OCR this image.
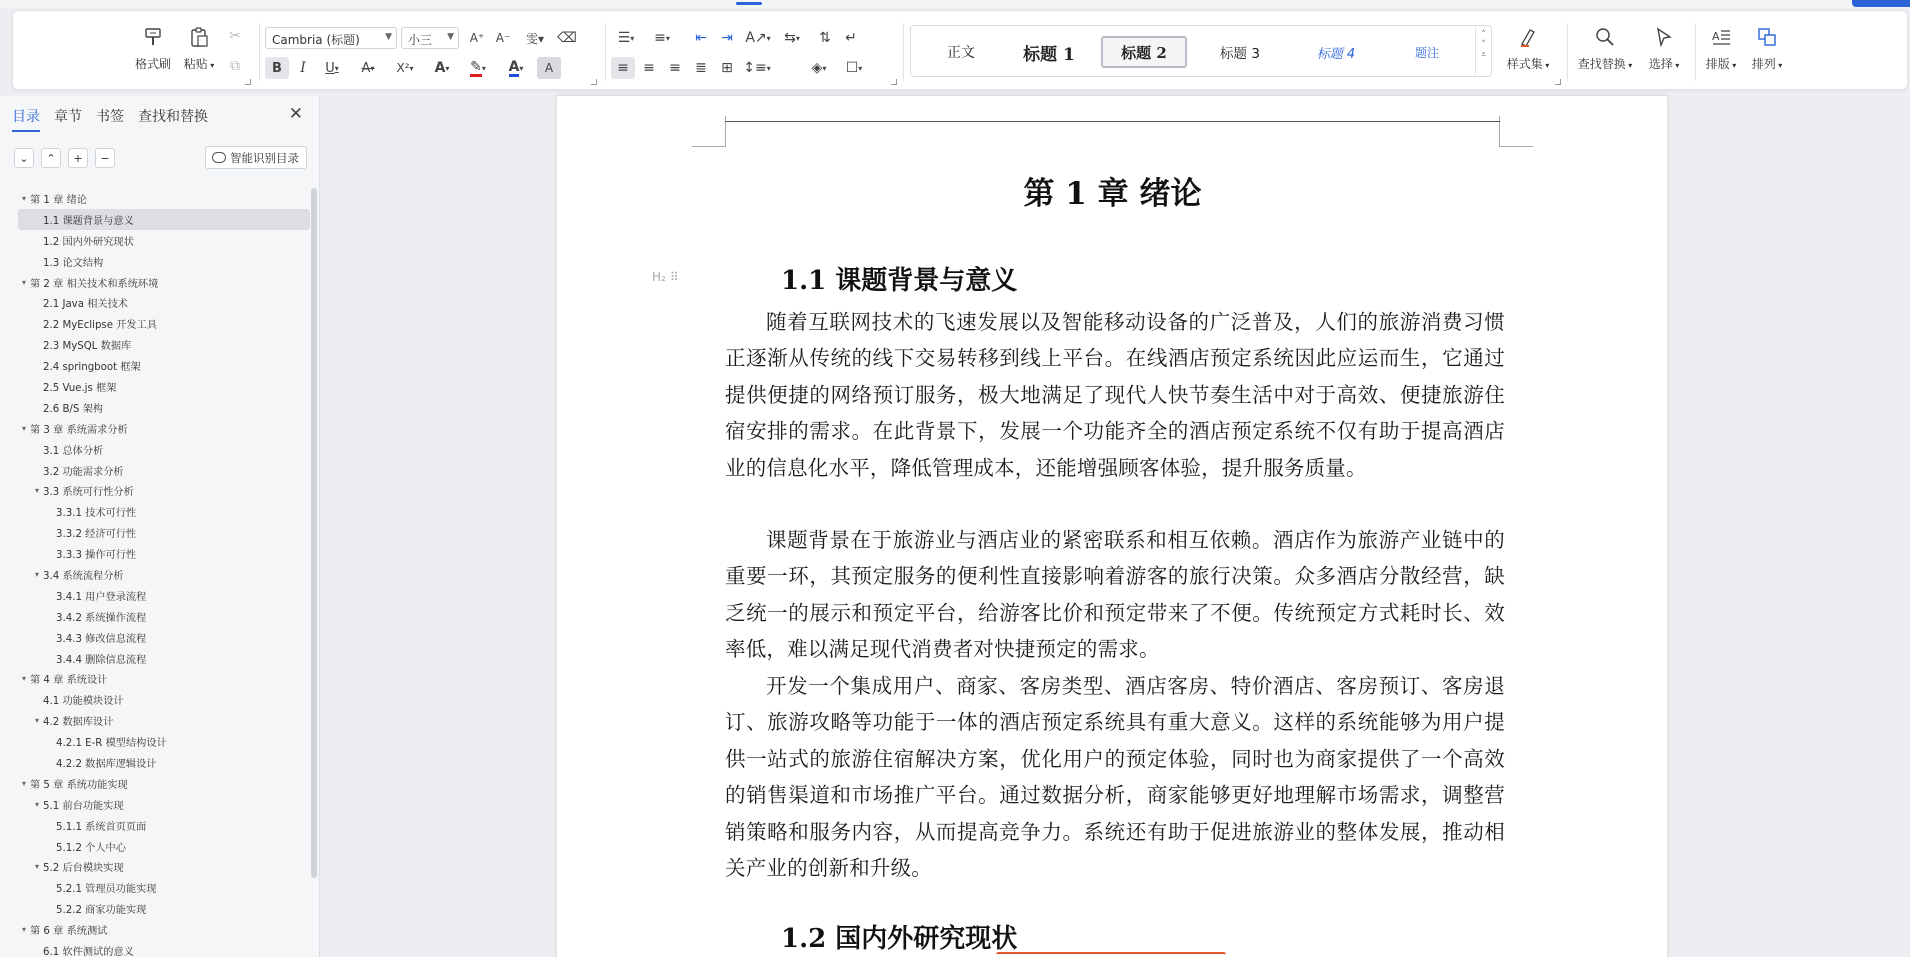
格式刷	粘贴 ▾
✂
⧉
Cambria (标题)	▼	小三 ▼ A⁺ A⁻	雯▾ ⌫
B I U ▾ A ▾ X² ▾ A ▾ ✎ ▾ A ▾	A
☰ ▾	≡ ▾	⇤	⇥ A↗ ▾ ⇆ ▾	⇅	↵
≡	≡	≡	≣	⊞ ↕≡ ▾	◈ ▾	☐ ▾
正文	标题 1	标题 2	标题 3	标题 4	题注
˄
˅
⩡
样式集 ▾	查找替换 ▾	选择 ▾
A
排版 ▾	排列 ▾
目录 章节 书签 查找和替换	✕
⌄ ⌃ + −	智能识别目录
▾ 第 1 章 绪论
1.1 课题背景与意义
1.2 国内外研究现状
1.3 论文结构
▾ 第 2 章 相关技术和系统环境
2.1 Java 相关技术
2.2 MyEclipse 开发工具
2.3 MySQL 数据库
2.4 springboot 框架
2.5 Vue.js 框架
2.6 B/S 架构
▾ 第 3 章 系统需求分析
3.1 总体分析
3.2 功能需求分析
▾ 3.3 系统可行性分析
3.3.1 技术可行性
3.3.2 经济可行性
3.3.3 操作可行性
▾ 3.4 系统流程分析
3.4.1 用户登录流程
3.4.2 系统操作流程
3.4.3 修改信息流程
3.4.4 删除信息流程
▾ 第 4 章 系统设计
4.1 功能模块设计
▾ 4.2 数据库设计
4.2.1 E-R 模型结构设计
4.2.2 数据库逻辑设计
▾ 第 5 章 系统功能实现
▾ 5.1 前台功能实现
5.1.1 系统首页页面
5.1.2 个人中心
▾ 5.2 后台模块实现
5.2.1 管理员功能实现
5.2.2 商家功能实现
▾ 第 6 章 系统测试
6.1 软件测试的意义
第 1 章 绪论
H₂ ⠿	1.1 课题背景与意义
随着互联网技术的飞速发展以及智能移动设备的广泛普及，人们的旅游消费习惯正逐渐从传统的线下交易转移到线上平台。在线酒店预定系统因此应运而生，它通过提供便捷的网络预订服务，极大地满足了现代人快节奏生活中对于高效、便捷旅游住宿安排的需求。在此背景下，发展一个功能齐全的酒店预定系统不仅有助于提高酒店业的信息化水平，降低管理成本，还能增强顾客体验，提升服务质量。
课题背景在于旅游业与酒店业的紧密联系和相互依赖。酒店作为旅游产业链中的重要一环，其预定服务的便利性直接影响着游客的旅行决策。众多酒店分散经营，缺乏统一的展示和预定平台，给游客比价和预定带来了不便。传统预定方式耗时长、效率低，难以满足现代消费者对快捷预定的需求。
开发一个集成用户、商家、客房类型、酒店客房、特价酒店、客房预订、客房退订、旅游攻略等功能于一体的酒店预定系统具有重大意义。这样的系统能够为用户提供一站式的旅游住宿解决方案，优化用户的预定体验，同时也为商家提供了一个高效的销售渠道和市场推广平台。通过数据分析，商家能够更好地理解市场需求，调整营销策略和服务内容，从而提高竞争力。系统还有助于促进旅游业的整体发展，推动相关产业的创新和升级。
1.2 国内外研究现状
